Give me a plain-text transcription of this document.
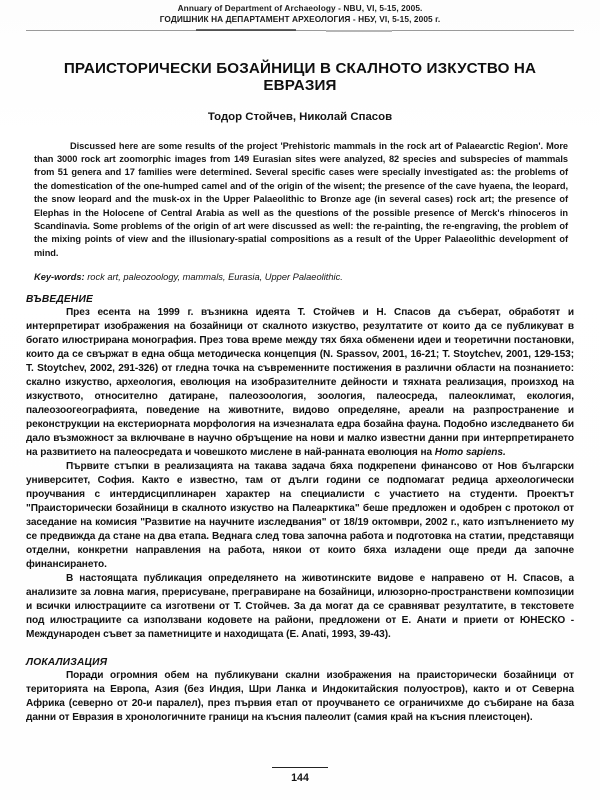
Annuary of Department of Archaeology - NBU, VI, 5-15, 2005.
ГОДИШНИК НА ДЕПАРТАМЕНТ АРХЕОЛОГИЯ - НБУ, VI, 5-15, 2005 г.
ПРАИСТОРИЧЕСКИ БОЗАЙНИЦИ В СКАЛНОТО ИЗКУСТВО НА ЕВРАЗИЯ
Тодор Стойчев, Николай Спасов
Discussed here are some results of the project 'Prehistoric mammals in the rock art of Palaearctic Region'. More than 3000 rock art zoomorphic images from 149 Eurasian sites were analyzed, 82 species and subspecies of mammals from 51 genera and 17 families were determined. Several specific cases were specially investigated as: the problems of the domestication of the one-humped camel and of the origin of the wisent; the presence of the cave hyaena, the leopard, the snow leopard and the musk-ox in the Upper Palaeolithic to Bronze age (in several cases) rock art; the presence of Elephas in the Holocene of Central Arabia as well as the questions of the possible presence of Merck's rhinoceros in Scandinavia. Some problems of the origin of art were discussed as well: the re-painting, the re-engraving, the problem of the mixing points of view and the illusionary-spatial compositions as a result of the Upper Palaeolithic development of mind.
Key-words: rock art, paleozoology, mammals, Eurasia, Upper Palaeolithic.
ВЪВЕДЕНИЕ
През есента на 1999 г. възникна идеята Т. Стойчев и Н. Спасов да съберат, обработят и интерпретират изображения на бозайници от скалното изкуство, резултатите от които да се публикуват в богато илюстрирана монография. През това време между тях бяха обменени идеи и теоретични постановки, които да се свържат в една обща методическа концепция (N. Spassov, 2001, 16-21; T. Stoytchev, 2001, 129-153; T. Stoytchev, 2002, 291-326) от гледна точка на съвременните постижения в различни области на познанието: скално изкуство, археология, еволюция на изобразителните дейности и тяхната реализация, произход на изкуството, относително датиране, палеозоология, зоология, палеосреда, палеоклимат, екология, палеозоогеографията, поведение на животните, видово определяне, ареали на разпространение и реконструкции на екстериорната морфология на изчезналата едра бозайна фауна. Подобно изследването би дало възможност за включване в научно обръщение на нови и малко известни данни при интерпретирането на развитието на палеосредата и човешкото мислене в най-ранната еволюция на Homo sapiens.
Първите стъпки в реализацията на такава задача бяха подкрепени финансово от Нов български университет, София. Както е известно, там от дълги години се подпомагат редица археологически проучвания с интердисциплинарен характер на специалисти с участието на студенти. Проектът "Праисторически бозайници в скалното изкуство на Палеарктика" беше предложен и одобрен с протокол от заседание на комисия "Развитие на научните изследвания" от 18/19 октомври, 2002 г., като изпълнението му се предвижда да стане на два етапа. Веднага след това започна работа и подготовка на статии, представящи отделни, конкретни направления на работа, някои от които бяха изладени още преди да започне финансирането.
В настоящата публикация определянето на животинските видове е направено от Н. Спасов, а анализите за ловна магия, прерисуване, прегравиране на бозайници, илюзорно-пространствени композиции и всички илюстрациите са изготвени от Т. Стойчев. За да могат да се сравняват резултатите, в текстовете под илюстрациите са използвани кодовете на райони, предложени от Е. Анати и приети от ЮНЕСКО - Международен съвет за паметниците и находищата (E. Anati, 1993, 39-43).
ЛОКАЛИЗАЦИЯ
Поради огромния обем на публикувани скални изображения на праисторически бозайници от територията на Европа, Азия (без Индия, Шри Ланка и Индокитайския полуостров), както и от Северна Африка (северно от 20-и паралел), през първия етап от проучването се ограничихме до събиране на база данни от Евразия в хронологичните граници на късния палеолит (самия край на късния плеистоцен).
144
